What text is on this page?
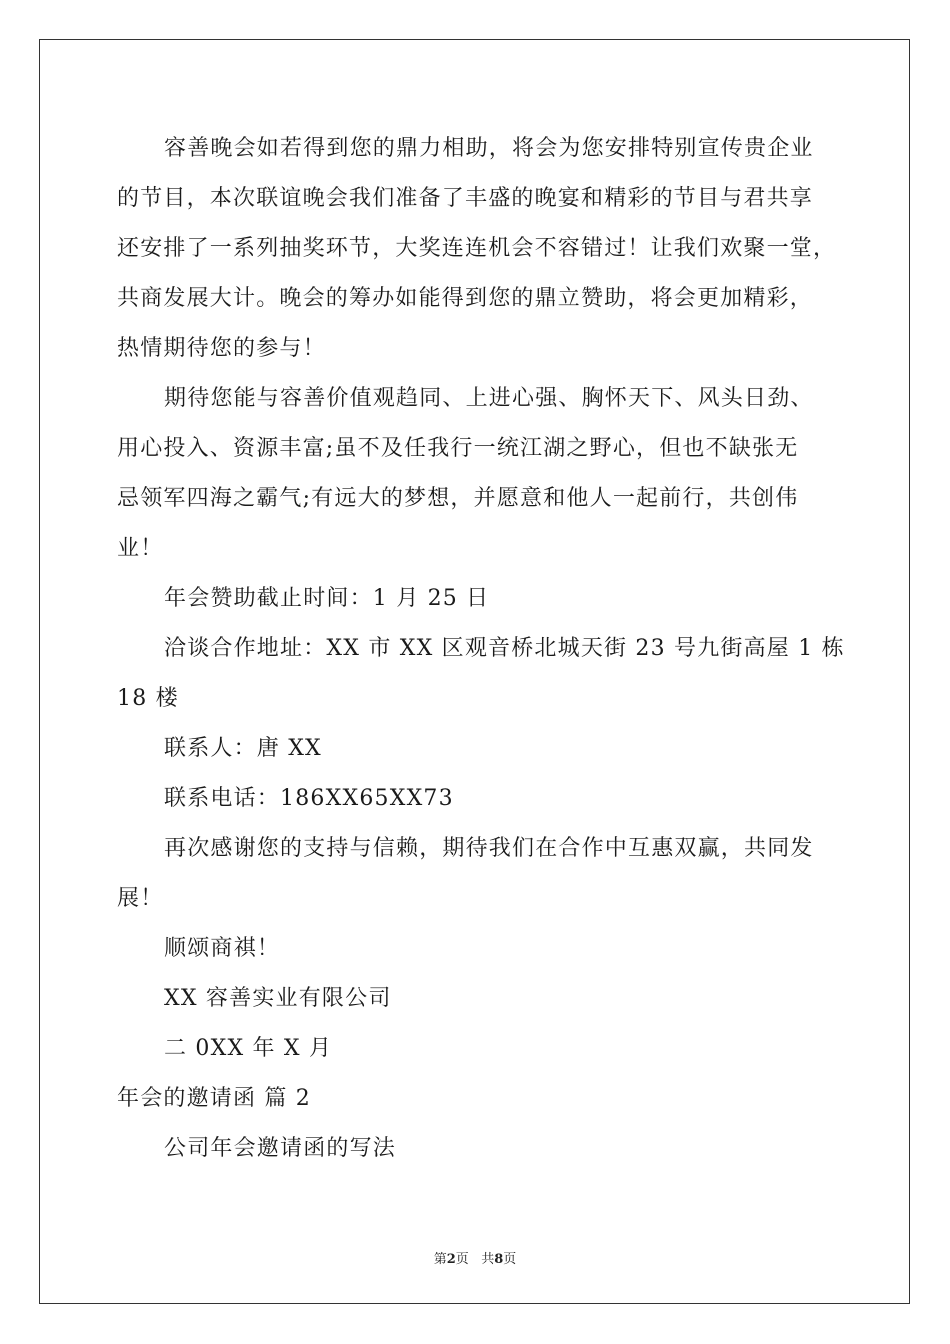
容善晚会如若得到您的鼎力相助，将会为您安排特别宣传贵企业
的节目，本次联谊晚会我们准备了丰盛的晚宴和精彩的节目与君共享
还安排了一系列抽奖环节，大奖连连机会不容错过！让我们欢聚一堂，
共商发展大计。晚会的筹办如能得到您的鼎立赞助，将会更加精彩，
热情期待您的参与！
期待您能与容善价值观趋同、上进心强、胸怀天下、风头日劲、
用心投入、资源丰富;虽不及任我行一统江湖之野心，但也不缺张无
忌领军四海之霸气;有远大的梦想，并愿意和他人一起前行，共创伟
业！
年会赞助截止时间：1 月 25 日
洽谈合作地址：XX 市 XX 区观音桥北城天街 23 号九街高屋 1 栋
18 楼
联系人：唐 XX
联系电话：186XX65XX73
再次感谢您的支持与信赖，期待我们在合作中互惠双赢，共同发
展！
顺颂商祺！
XX 容善实业有限公司
二 0XX 年 X 月
年会的邀请函 篇 2
公司年会邀请函的写法
第2页 共8页
